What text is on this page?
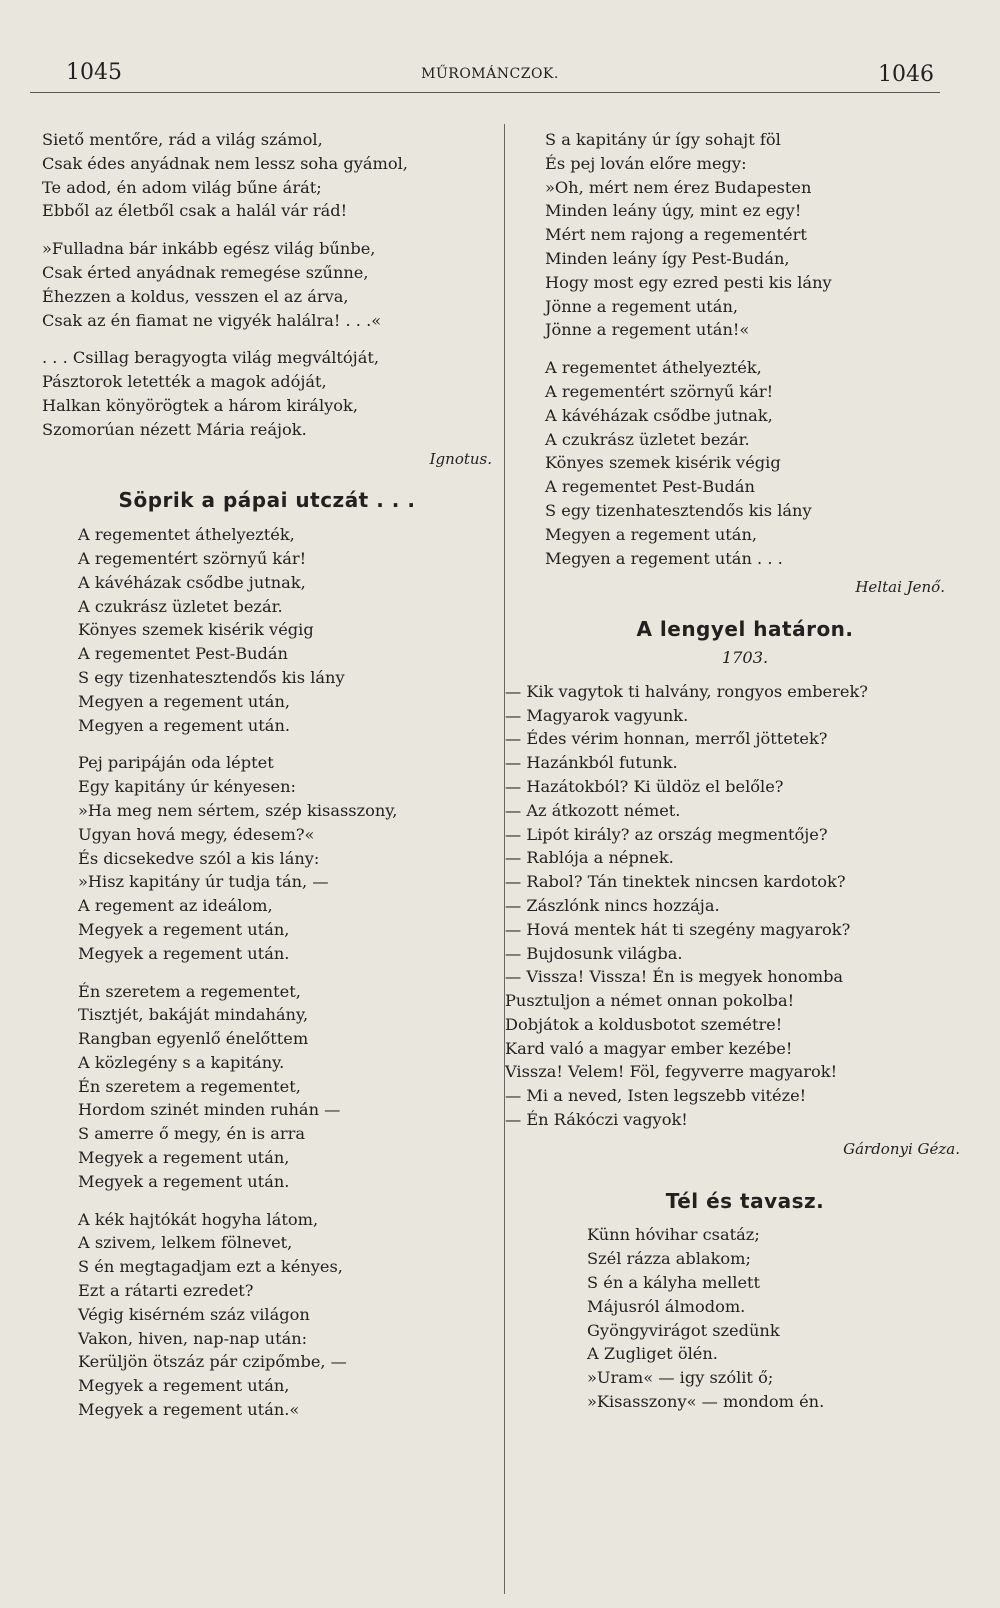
1045	MŰROMÁNCZOK.	1046
Siető mentőre, rád a világ számol,
Csak édes anyádnak nem lessz soha gyámol,
Te adod, én adom világ bűne árát;
Ebből az életből csak a halál vár rád!
»Fulladna bár inkább egész világ bűnbe,
Csak érted anyádnak remegése szűnne,
Éhezzen a koldus, vesszen el az árva,
Csak az én fiamat ne vigyék halálra! . . .«
. . . Csillag beragyogta világ megváltóját,
Pásztorok letették a magok adóját,
Halkan könyörögtek a három királyok,
Szomorúan nézett Mária reájok.
Ignotus.
Söprik a pápai utczát . . .
A regementet áthelyezték,
A regementért szörnyű kár!
A kávéházak csődbe jutnak,
A czukrász üzletet bezár.
Könyes szemek kisérik végig
A regementet Pest-Budán
S egy tizenhatesztendős kis lány
Megyen a regement után,
Megyen a regement után.
Pej paripáján oda léptet
Egy kapitány úr kényesen:
»Ha meg nem sértem, szép kisasszony,
Ugyan hová megy, édesem?«
És dicsekedve szól a kis lány:
»Hisz kapitány úr tudja tán, —
A regement az ideálom,
Megyek a regement után,
Megyek a regement után.
Én szeretem a regementet,
Tisztjét, bakáját mindahány,
Rangban egyenlő énelőttem
A közlegény s a kapitány.
Én szeretem a regementet,
Hordom szinét minden ruhán —
S amerre ő megy, én is arra
Megyek a regement után,
Megyek a regement után.
A kék hajtókát hogyha látom,
A szivem, lelkem fölnevet,
S én megtagadjam ezt a kényes,
Ezt a rátarti ezredet?
Végig kisérném száz világon
Vakon, hiven, nap-nap után:
Kerüljön ötszáz pár czipőmbe, —
Megyek a regement után,
Megyek a regement után.«
S a kapitány úr így sohajt föl
És pej lován előre megy:
»Oh, mért nem érez Budapesten
Minden leány úgy, mint ez egy!
Mért nem rajong a regementért
Minden leány így Pest-Budán,
Hogy most egy ezred pesti kis lány
Jönne a regement után,
Jönne a regement után!«
A regementet áthelyezték,
A regementért szörnyű kár!
A kávéházak csődbe jutnak,
A czukrász üzletet bezár.
Könyes szemek kisérik végig
A regementet Pest-Budán
S egy tizenhatesztendős kis lány
Megyen a regement után,
Megyen a regement után . . .
Heltai Jenő.
A lengyel határon.
1703.
— Kik vagytok ti halvány, rongyos emberek?
— Magyarok vagyunk.
— Édes vérim honnan, merről jöttetek?
— Hazánkból futunk.
— Hazátokból? Ki üldöz el belőle?
— Az átkozott német.
— Lipót király? az ország megmentője?
— Rablója a népnek.
— Rabol? Tán tinektek nincsen kardotok?
— Zászlónk nincs hozzája.
— Hová mentek hát ti szegény magyarok?
— Bujdosunk világba.
— Vissza! Vissza! Én is megyek honomba
Pusztuljon a német onnan pokolba!
Dobjátok a koldusbotot szemétre!
Kard való a magyar ember kezébe!
Vissza! Velem! Föl, fegyverre magyarok!
— Mi a neved, Isten legszebb vitéze!
— Én Rákóczi vagyok!
Gárdonyi Géza.
Tél és tavasz.
Künn hóvihar csatáz;
Szél rázza ablakom;
S én a kályha mellett
Májusról álmodom.
Gyöngyvirágot szedünk
A Zugliget ölén.
»Uram« — igy szólit ő;
»Kisasszony« — mondom én.
